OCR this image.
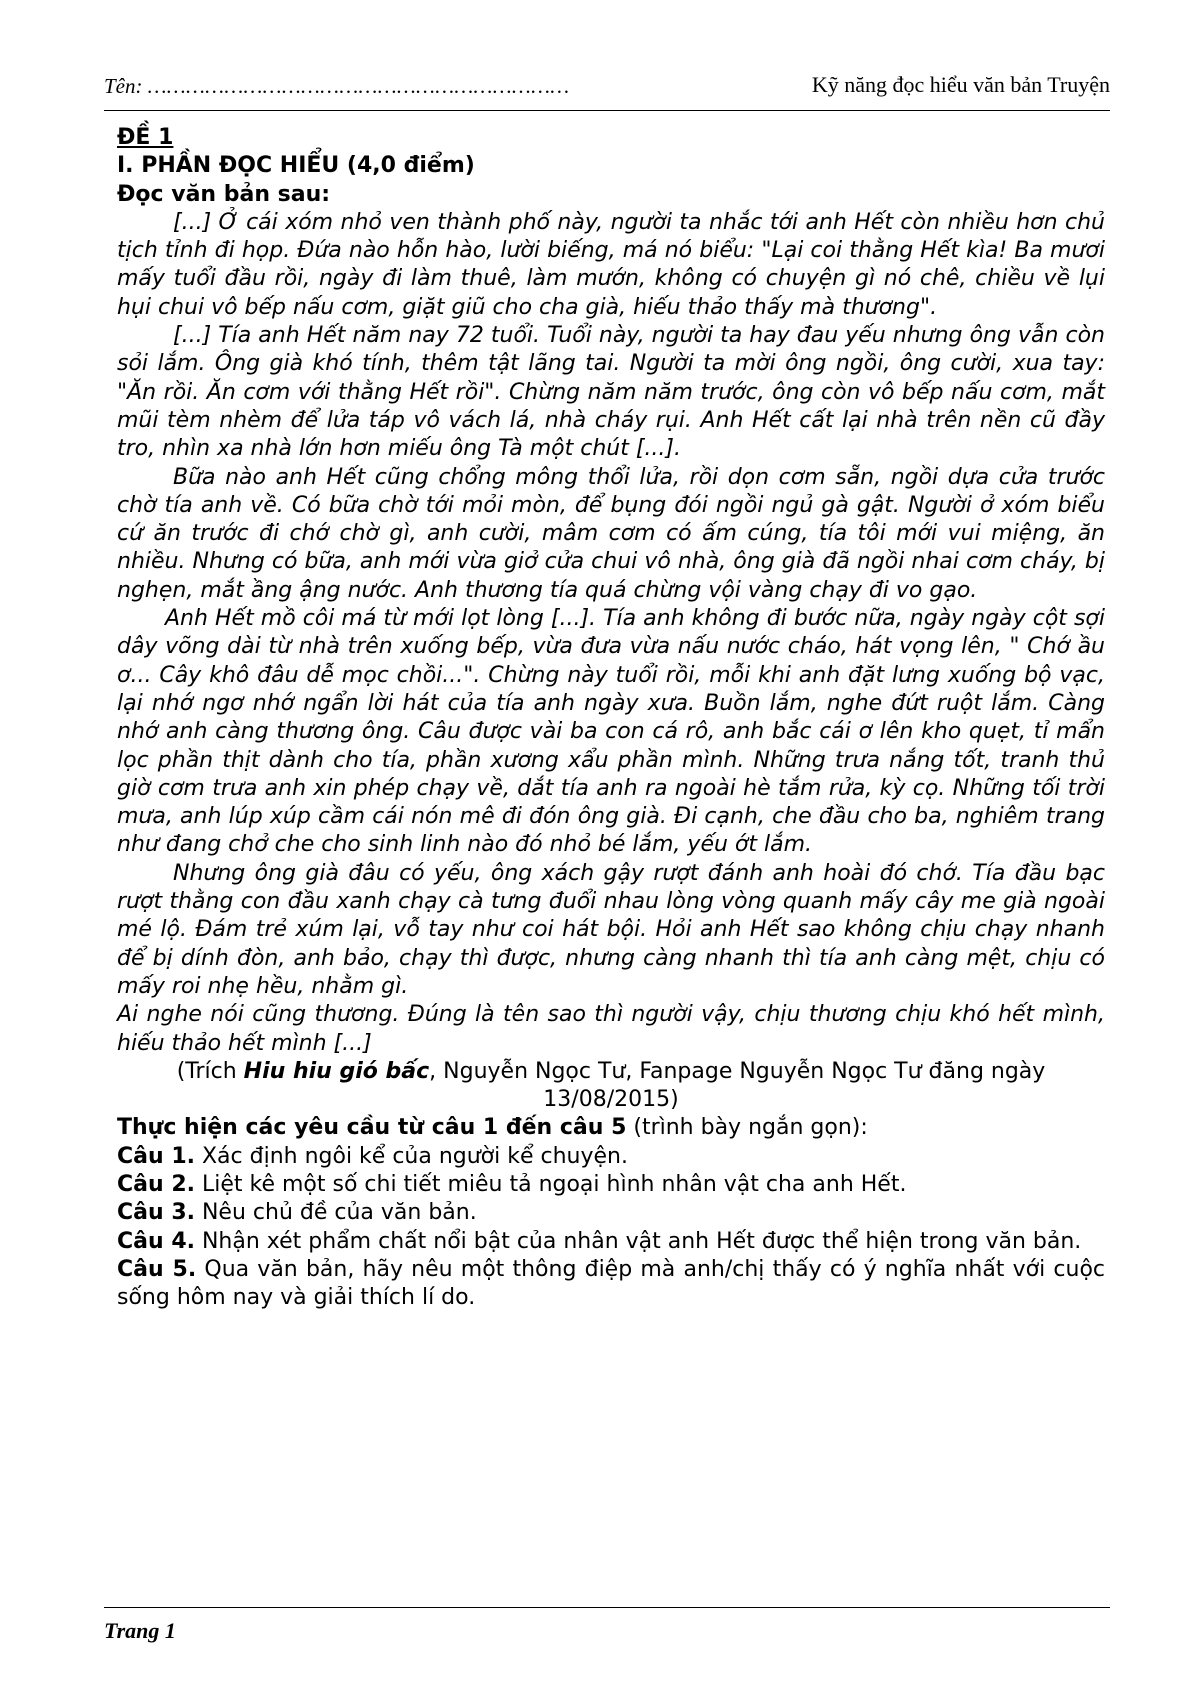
Tên: …………………………………………………………	Kỹ năng đọc hiểu văn bản Truyện

ĐỀ 1

I. PHẦN ĐỌC HIỂU (4,0 điểm)

Đọc văn bản sau:

[...] Ở cái xóm nhỏ ven thành phố này, người ta nhắc tới anh Hết còn nhiều hơn chủ tịch tỉnh đi họp. Đứa nào hỗn hào, lười biếng, má nó biểu: "Lại coi thằng Hết kìa! Ba mươi mấy tuổi đầu rồi, ngày đi làm thuê, làm mướn, không có chuyện gì nó chê, chiều về lụi hụi chui vô bếp nấu cơm, giặt giũ cho cha già, hiếu thảo thấy mà thương".

[...] Tía anh Hết năm nay 72 tuổi. Tuổi này, người ta hay đau yếu nhưng ông vẫn còn sỏi lắm. Ông già khó tính, thêm tật lãng tai. Người ta mời ông ngồi, ông cười, xua tay: "Ăn rồi. Ăn cơm với thằng Hết rồi". Chừng năm năm trước, ông còn vô bếp nấu cơm, mắt mũi tèm nhèm để lửa táp vô vách lá, nhà cháy rụi. Anh Hết cất lại nhà trên nền cũ đầy tro, nhìn xa nhà lớn hơn miếu ông Tà một chút [...].

Bữa nào anh Hết cũng chổng mông thổi lửa, rồi dọn cơm sẵn, ngồi dựa cửa trước chờ tía anh về. Có bữa chờ tới mỏi mòn, để bụng đói ngồi ngủ gà gật. Người ở xóm biểu cứ ăn trước đi chớ chờ gì, anh cười, mâm cơm có ấm cúng, tía tôi mới vui miệng, ăn nhiều. Nhưng có bữa, anh mới vừa giở cửa chui vô nhà, ông già đã ngồi nhai cơm cháy, bị nghẹn, mắt ầng ậng nước. Anh thương tía quá chừng vội vàng chạy đi vo gạo.

Anh Hết mồ côi má từ mới lọt lòng [...]. Tía anh không đi bước nữa, ngày ngày cột sợi dây võng dài từ nhà trên xuống bếp, vừa đưa vừa nấu nước cháo, hát vọng lên, " Chớ ầu ơ... Cây khô đâu dễ mọc chồi...". Chừng này tuổi rồi, mỗi khi anh đặt lưng xuống bộ vạc, lại nhớ ngơ nhớ ngẩn lời hát của tía anh ngày xưa. Buồn lắm, nghe đứt ruột lắm. Càng nhớ anh càng thương ông. Câu được vài ba con cá rô, anh bắc cái ơ lên kho quẹt, tỉ mẩn lọc phần thịt dành cho tía, phần xương xẩu phần mình. Những trưa nắng tốt, tranh thủ giờ cơm trưa anh xin phép chạy về, dắt tía anh ra ngoài hè tắm rửa, kỳ cọ. Những tối trời mưa, anh lúp xúp cầm cái nón mê đi đón ông già. Đi cạnh, che đầu cho ba, nghiêm trang như đang chở che cho sinh linh nào đó nhỏ bé lắm, yếu ớt lắm.

Nhưng ông già đâu có yếu, ông xách gậy rượt đánh anh hoài đó chớ. Tía đầu bạc rượt thằng con đầu xanh chạy cà tưng đuổi nhau lòng vòng quanh mấy cây me già ngoài mé lộ. Đám trẻ xúm lại, vỗ tay như coi hát bội. Hỏi anh Hết sao không chịu chạy nhanh để bị dính đòn, anh bảo, chạy thì được, nhưng càng nhanh thì tía anh càng mệt, chịu có mấy roi nhẹ hều, nhằm gì.

Ai nghe nói cũng thương. Đúng là tên sao thì người vậy, chịu thương chịu khó hết mình, hiếu thảo hết mình [...]

(Trích Hiu hiu gió bấc, Nguyễn Ngọc Tư, Fanpage Nguyễn Ngọc Tư đăng ngày 13/08/2015)

Thực hiện các yêu cầu từ câu 1 đến câu 5 (trình bày ngắn gọn):

Câu 1. Xác định ngôi kể của người kể chuyện.

Câu 2. Liệt kê một số chi tiết miêu tả ngoại hình nhân vật cha anh Hết.

Câu 3. Nêu chủ đề của văn bản.

Câu 4. Nhận xét phẩm chất nổi bật của nhân vật anh Hết được thể hiện trong văn bản.

Câu 5. Qua văn bản, hãy nêu một thông điệp mà anh/chị thấy có ý nghĩa nhất với cuộc sống hôm nay và giải thích lí do.

Trang 1
